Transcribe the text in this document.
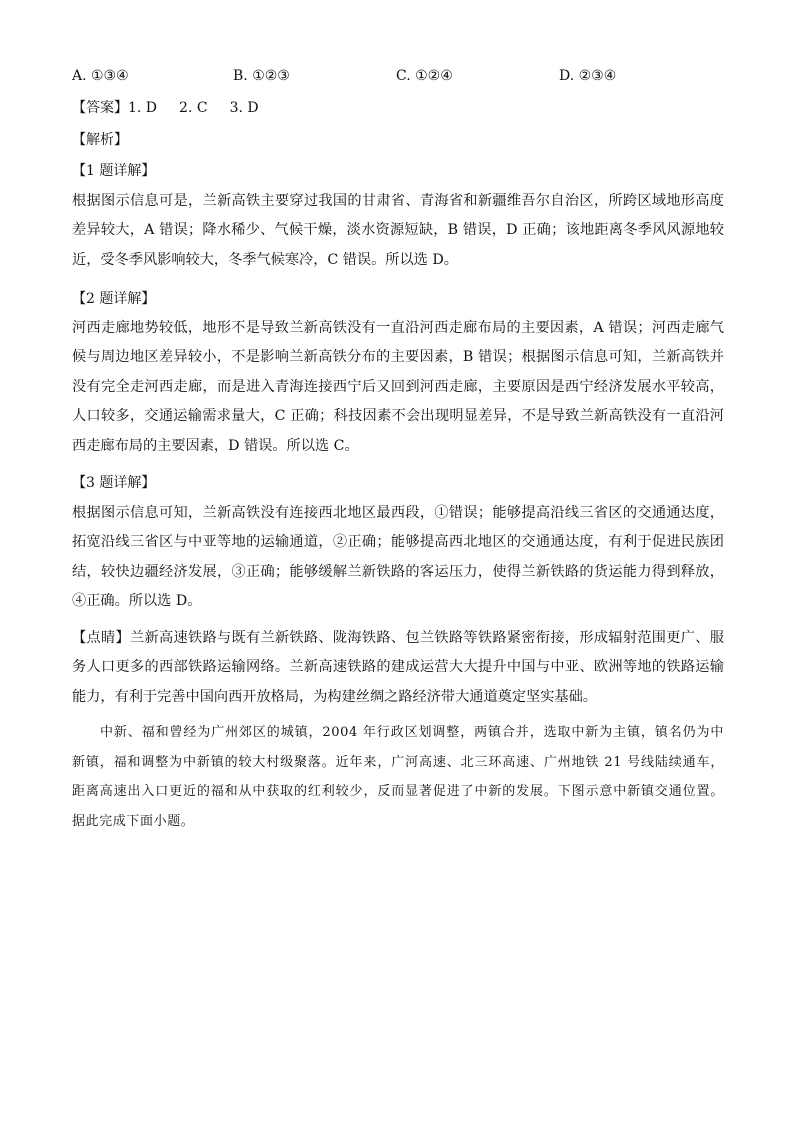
A. ①③④	B. ①②③	C. ①②④	D. ②③④
【答案】1. D 2. C 3. D
【解析】
【1 题详解】
根据图示信息可是，兰新高铁主要穿过我国的甘肃省、青海省和新疆维吾尔自治区，所跨区域地形高度差异较大，A 错误；降水稀少、气候干燥，淡水资源短缺，B 错误，D 正确；该地距离冬季风风源地较近，受冬季风影响较大，冬季气候寒冷，C 错误。所以选 D。
【2 题详解】
河西走廊地势较低，地形不是导致兰新高铁没有一直沿河西走廊布局的主要因素，A 错误；河西走廊气候与周边地区差异较小，不是影响兰新高铁分布的主要因素，B 错误；根据图示信息可知，兰新高铁并没有完全走河西走廊，而是进入青海连接西宁后又回到河西走廊，主要原因是西宁经济发展水平较高，人口较多，交通运输需求量大，C 正确；科技因素不会出现明显差异，不是导致兰新高铁没有一直沿河西走廊布局的主要因素，D 错误。所以选 C。
【3 题详解】
根据图示信息可知，兰新高铁没有连接西北地区最西段，①错误；能够提高沿线三省区的交通通达度，拓宽沿线三省区与中亚等地的运输通道，②正确；能够提高西北地区的交通通达度，有利于促进民族团结，较快边疆经济发展，③正确；能够缓解兰新铁路的客运压力，使得兰新铁路的货运能力得到释放，④正确。所以选 D。
【点睛】兰新高速铁路与既有兰新铁路、陇海铁路、包兰铁路等铁路紧密衔接，形成辐射范围更广、服务人口更多的西部铁路运输网络。兰新高速铁路的建成运营大大提升中国与中亚、欧洲等地的铁路运输能力，有利于完善中国向西开放格局，为构建丝绸之路经济带大通道奠定坚实基础。
中新、福和曾经为广州郊区的城镇，2004 年行政区划调整，两镇合并，选取中新为主镇，镇名仍为中新镇，福和调整为中新镇的较大村级聚落。近年来，广河高速、北三环高速、广州地铁 21 号线陆续通车，距离高速出入口更近的福和从中获取的红利较少，反而显著促进了中新的发展。下图示意中新镇交通位置。据此完成下面小题。
